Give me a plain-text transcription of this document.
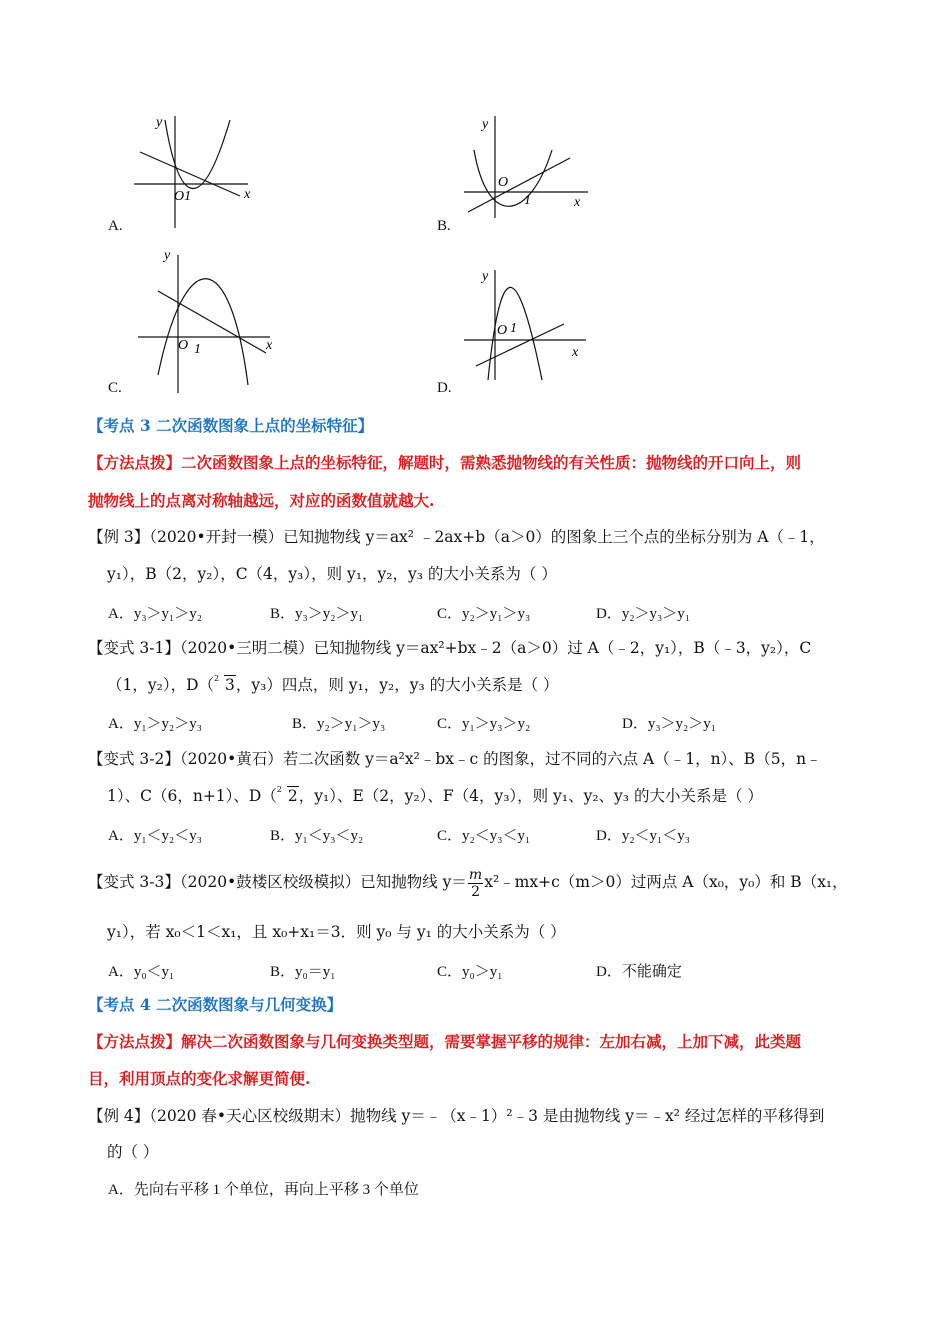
y
x
O1
A.
y
x
O
1
B.
y
x
O 1
C.
y
x
O 1
D.
【考点 3 二次函数图象上点的坐标特征】
【方法点拨】二次函数图象上点的坐标特征，解题时，需熟悉抛物线的有关性质：抛物线的开口向上，则
抛物线上的点离对称轴越远，对应的函数值就越大.
【例 3】（2020•开封一模）已知抛物线 y＝ax² ﹣2ax+b（a＞0）的图象上三个点的坐标分别为 A（﹣1，
y₁），B（2，y₂），C（4，y₃），则 y₁，y₂，y₃ 的大小关系为（ ）
A．y₃＞y₁＞y₂	B．y₃＞y₂＞y₁	C．y₂＞y₁＞y₃	D．y₂＞y₃＞y₁
【变式 3-1】（2020•三明二模）已知抛物线 y＝ax²+bx﹣2（a＞0）过 A（﹣2，y₁），B（﹣3，y₂），C
（1，y₂），D（ 2 3，y₃）四点，则 y₁，y₂，y₃ 的大小关系是（ ）
A．y₁＞y₂＞y₃	B．y₂＞y₁＞y₃	C．y₁＞y₃＞y₂	D．y₃＞y₂＞y₁
【变式 3-2】（2020•黄石）若二次函数 y＝a²x²﹣bx﹣c 的图象，过不同的六点 A（﹣1，n）、B（5，n﹣
1）、C（6，n+1）、D（ 2 2，y₁）、E（2，y₂）、F（4，y₃），则 y₁、y₂、y₃ 的大小关系是（ ）
A．y₁＜y₂＜y₃	B．y₁＜y₃＜y₂	C．y₂＜y₃＜y₁	D．y₂＜y₁＜y₃
【变式 3-3】（2020•鼓楼区校级模拟）已知抛物线 $y= \frac{m}{2}$ x²﹣mx+c（m＞0）过两点 A（x₀，y₀）和 B（x₁，
y₁），若 x₀＜1＜x₁，且 x₀+x₁＝3．则 y₀ 与 y₁ 的大小关系为（ ）
A．y₀＜y₁	B．y₀＝y₁	C．y₀＞y₁	D．不能确定
【考点 4 二次函数图象与几何变换】
【方法点拨】解决二次函数图象与几何变换类型题，需要掌握平移的规律：左加右减，上加下减，此类题
目，利用顶点的变化求解更简便.
【例 4】（2020 春•天心区校级期末）抛物线 y＝﹣（x﹣1）²﹣3 是由抛物线 y＝﹣x² 经过怎样的平移得到
的（ ）
A．先向右平移 1 个单位，再向上平移 3 个单位
